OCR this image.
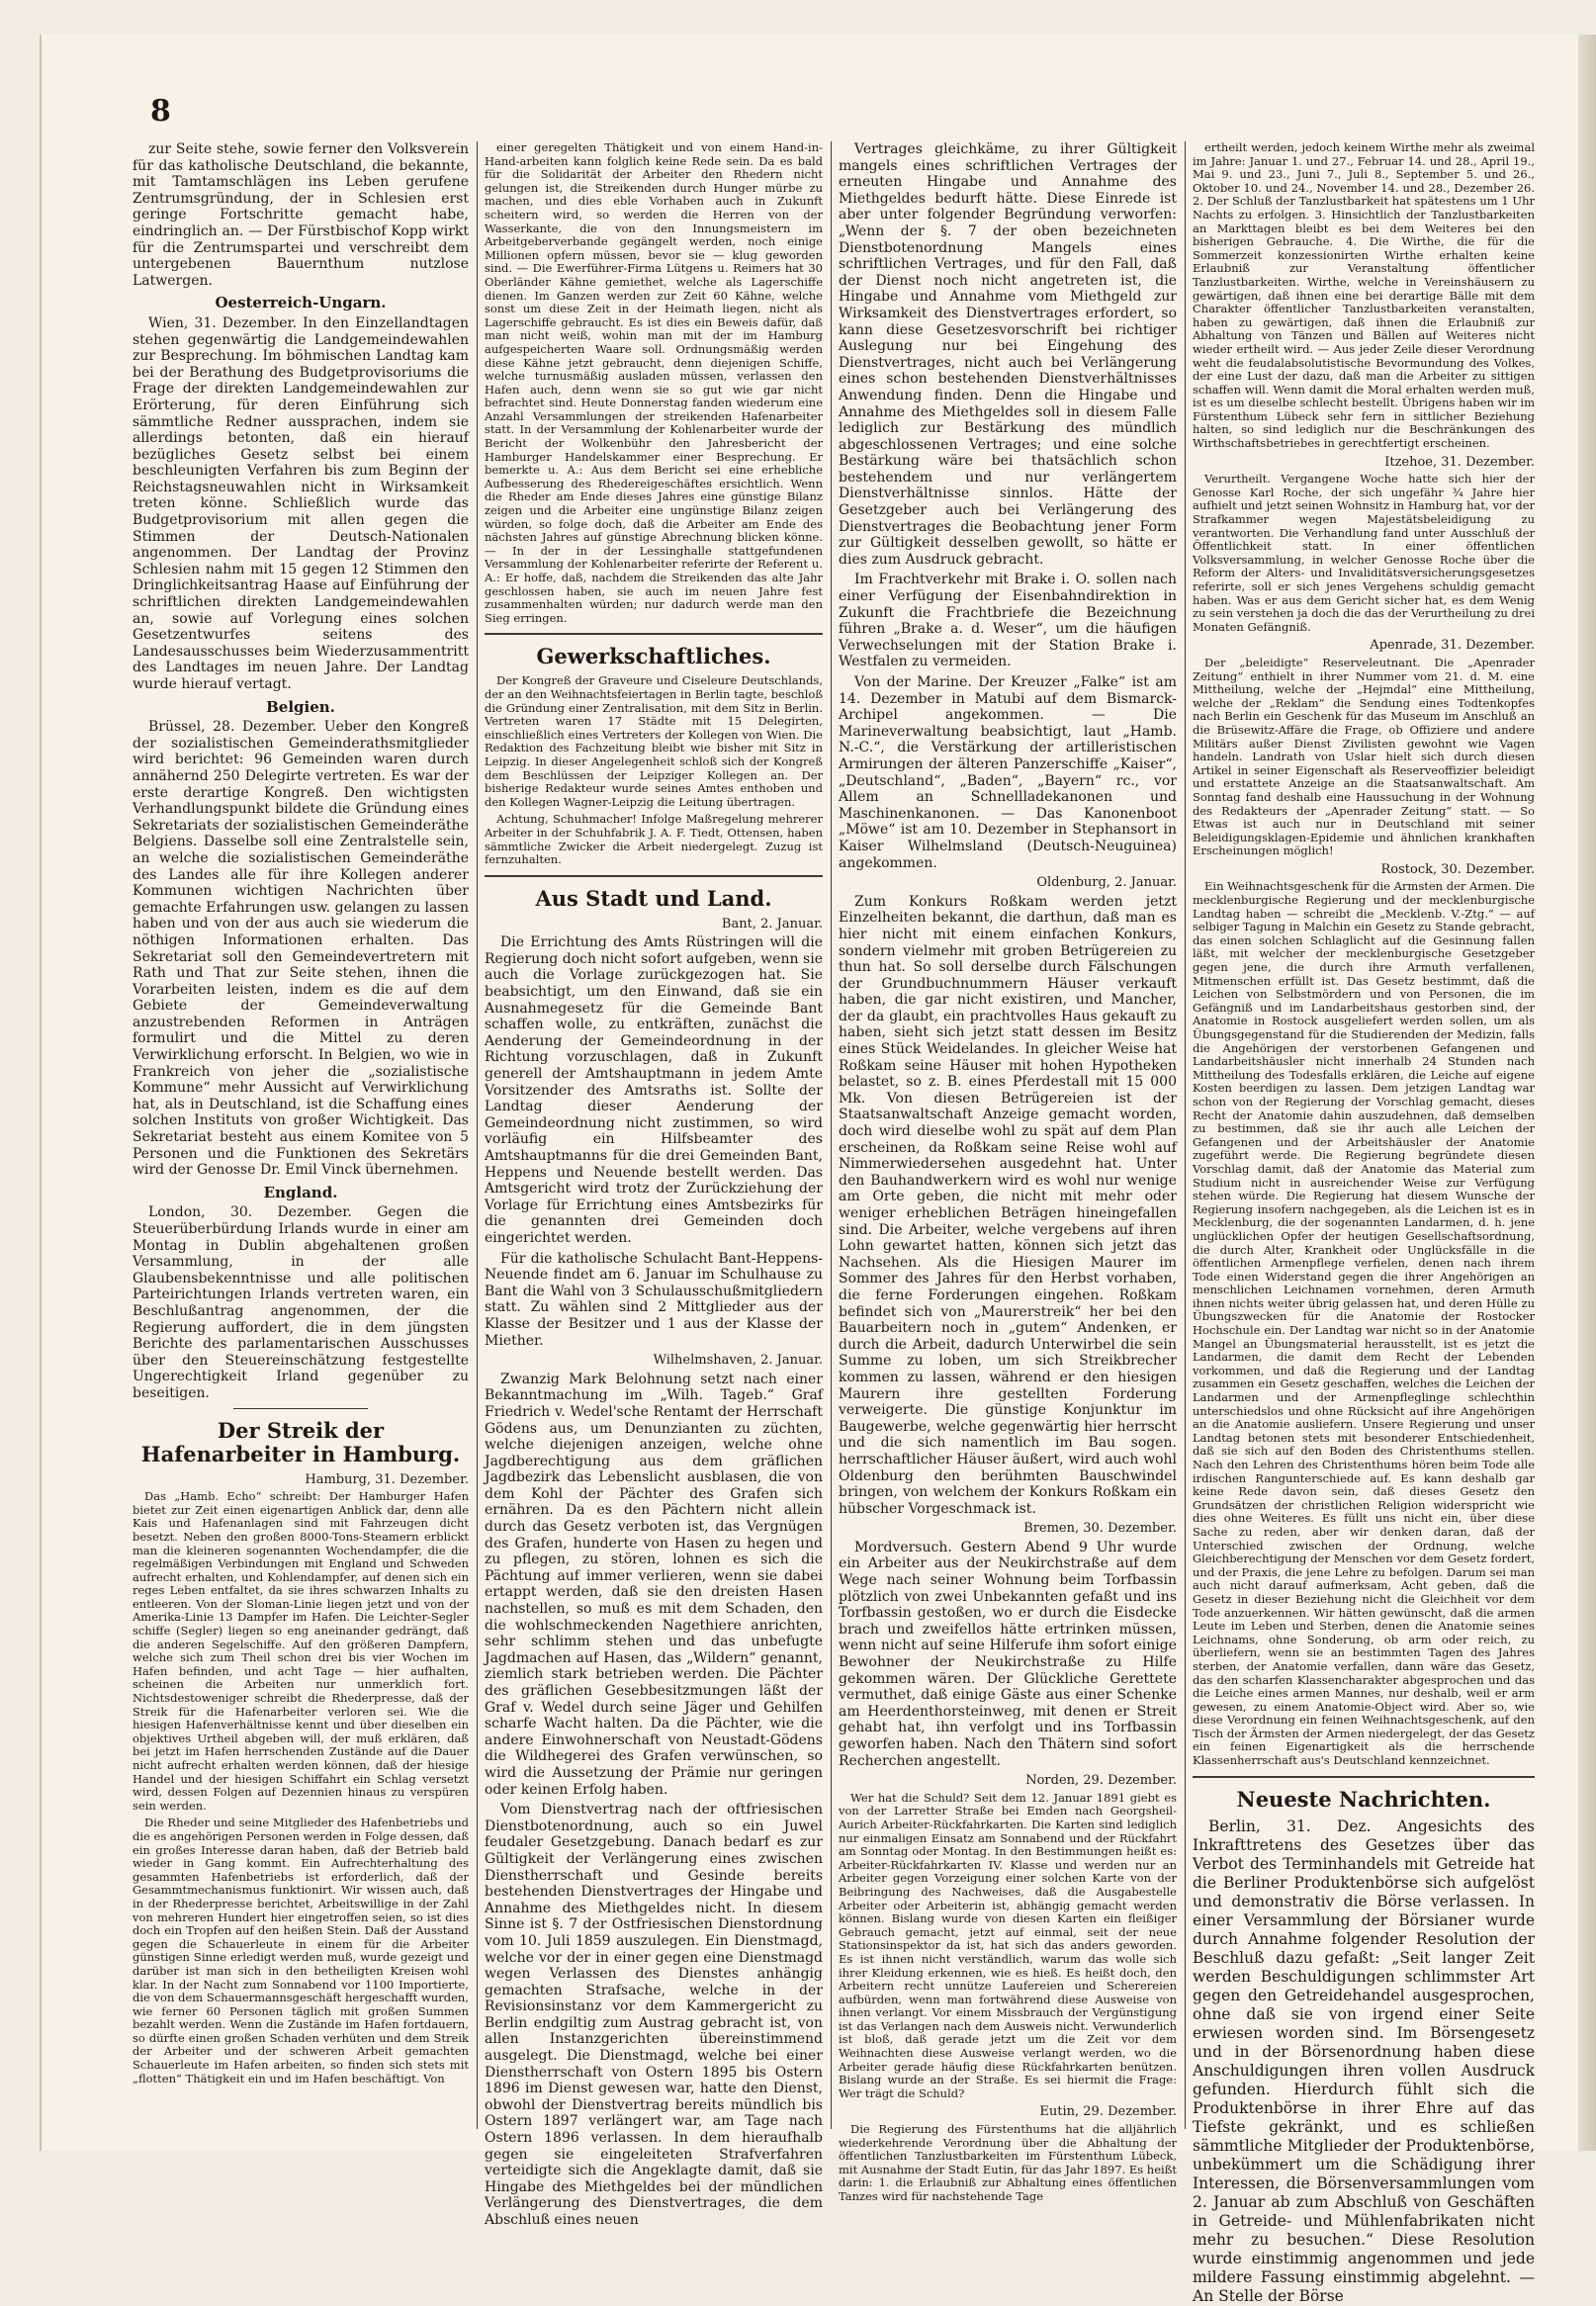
8

zur Seite stehe, sowie ferner den Volksverein für das katholische Deutschland, die bekannte, mit Tamtamschlägen ins Leben gerufene Zentrumsgründung, der in Schlesien erst geringe Fortschritte gemacht habe, eindringlich an. — Der Fürstbischof Kopp wirkt für die Zentrumspartei und verschreibt dem untergebenen Bauernthum nutzlose Latwergen.

Oesterreich-Ungarn.

Wien, 31. Dezember. In den Einzellandtagen stehen gegenwärtig die Landgemeindewahlen zur Besprechung. Im böhmischen Landtag kam bei der Berathung des Budgetprovisoriums die Frage der direkten Landgemeindewahlen zur Erörterung, für deren Einführung sich sämmtliche Redner aussprachen, indem sie allerdings betonten, daß ein hierauf bezügliches Gesetz selbst bei einem beschleunigten Verfahren bis zum Beginn der Reichstagsneuwahlen nicht in Wirksamkeit treten könne. Schließlich wurde das Budgetprovisorium mit allen gegen die Stimmen der Deutsch-Nationalen angenommen. Der Landtag der Provinz Schlesien nahm mit 15 gegen 12 Stimmen den Dringlichkeitsantrag Haase auf Einführung der schriftlichen direkten Landgemeindewahlen an, sowie auf Vorlegung eines solchen Gesetzentwurfes seitens des Landesausschusses beim Wiederzusammentritt des Landtages im neuen Jahre. Der Landtag wurde hierauf vertagt.

Belgien.

Brüssel, 28. Dezember. Ueber den Kongreß der sozialistischen Gemeinderathsmitglieder wird berichtet: 96 Gemeinden waren durch annähernd 250 Delegirte vertreten. Es war der erste derartige Kongreß. Den wichtigsten Verhandlungspunkt bildete die Gründung eines Sekretariats der sozialistischen Gemeinderäthe Belgiens. Dasselbe soll eine Zentralstelle sein, an welche die sozialistischen Gemeinderäthe des Landes alle für ihre Kollegen anderer Kommunen wichtigen Nachrichten über gemachte Erfahrungen usw. gelangen zu lassen haben und von der aus auch sie wiederum die nöthigen Informationen erhalten. Das Sekretariat soll den Gemeindevertretern mit Rath und That zur Seite stehen, ihnen die Vorarbeiten leisten, indem es die auf dem Gebiete der Gemeindeverwaltung anzustrebenden Reformen in Anträgen formulirt und die Mittel zu deren Verwirklichung erforscht. In Belgien, wo wie in Frankreich von jeher die „sozialistische Kommune“ mehr Aussicht auf Verwirklichung hat, als in Deutschland, ist die Schaffung eines solchen Instituts von großer Wichtigkeit. Das Sekretariat besteht aus einem Komitee von 5 Personen und die Funktionen des Sekretärs wird der Genosse Dr. Emil Vinck übernehmen.

England.

London, 30. Dezember. Gegen die Steuerüberbürdung Irlands wurde in einer am Montag in Dublin abgehaltenen großen Versammlung, in der alle Glaubensbekenntnisse und alle politischen Parteirichtungen Irlands vertreten waren, ein Beschlußantrag angenommen, der die Regierung auffordert, die in dem jüngsten Berichte des parlamentarischen Ausschusses über den Steuereinschätzung festgestellte Ungerechtigkeit Irland gegenüber zu beseitigen.

Der Streik der Hafenarbeiter in Hamburg.
Hamburg, 31. Dezember.

Das „Hamb. Echo“ schreibt: Der Hamburger Hafen bietet zur Zeit einen eigenartigen Anblick dar, denn alle Kais und Hafenanlagen sind mit Fahrzeugen dicht besetzt. Neben den großen 8000-Tons-Steamern erblickt man die kleineren sogenannten Wochendampfer, die die regelmäßigen Verbindungen mit England und Schweden aufrecht erhalten, und Kohlendampfer, auf denen sich ein reges Leben entfaltet, da sie ihres schwarzen Inhalts zu entleeren. Von der Sloman-Linie liegen jetzt und von der Amerika-Linie 13 Dampfer im Hafen. Die Leichter-Segler schiffe (Segler) liegen so eng aneinander gedrängt, daß die anderen Segelschiffe. Auf den größeren Dampfern, welche sich zum Theil schon drei bis vier Wochen im Hafen befinden, und acht Tage — hier aufhalten, scheinen die Arbeiten nur unmerklich fort. Nichtsdestoweniger schreibt die Rhederpresse, daß der Streik für die Hafenarbeiter verloren sei. Wie die hiesigen Hafenverhältnisse kennt und über dieselben ein objektives Urtheil abgeben will, der muß erklären, daß bei jetzt im Hafen herrschenden Zustände auf die Dauer nicht aufrecht erhalten werden können, daß der hiesige Handel und der hiesigen Schiffahrt ein Schlag versetzt wird, dessen Folgen auf Dezennien hinaus zu verspüren sein werden.

Die Rheder und seine Mitglieder des Hafenbetriebs und die es angehörigen Personen werden in Folge dessen, daß ein großes Interesse daran haben, daß der Betrieb bald wieder in Gang kommt. Ein Aufrechterhaltung des gesammten Hafenbetriebs ist erforderlich, daß der Gesammtmechanismus funktionirt. Wir wissen auch, daß in der Rhederpresse berichtet, Arbeitswillige in der Zahl von mehreren Hundert hier eingetroffen seien, so ist dies doch ein Tropfen auf den heißen Stein. Daß der Ausstand gegen die Schauerleute in einem für die Arbeiter günstigen Sinne erledigt werden muß, wurde gezeigt und darüber ist man sich in den betheiligten Kreisen wohl klar. In der Nacht zum Sonnabend vor 1100 Importierte, die von dem Schauermannsgeschäft hergeschafft wurden, wie ferner 60 Personen täglich mit großen Summen bezahlt werden. Wenn die Zustände im Hafen fortdauern, so dürfte einen großen Schaden verhüten und dem Streik der Arbeiter und der schweren Arbeit gemachten Schauerleute im Hafen arbeiten, so finden sich stets mit „flotten“ Thätigkeit ein und im Hafen beschäftigt. Von

einer geregelten Thätigkeit und von einem Hand-in-Hand-arbeiten kann folglich keine Rede sein. Da es bald für die Solidarität der Arbeiter den Rhedern nicht gelungen ist, die Streikenden durch Hunger mürbe zu machen, und dies eble Vorhaben auch in Zukunft scheitern wird, so werden die Herren von der Wasserkante, die von den Innungsmeistern im Arbeitgeberverbande gegängelt werden, noch einige Millionen opfern müssen, bevor sie — klug geworden sind. — Die Ewerführer-Firma Lütgens u. Reimers hat 30 Oberländer Kähne gemiethet, welche als Lagerschiffe dienen. Im Ganzen werden zur Zeit 60 Kähne, welche sonst um diese Zeit in der Heimath liegen, nicht als Lagerschiffe gebraucht. Es ist dies ein Beweis dafür, daß man nicht weiß, wohin man mit der im Hamburg aufgespeicherten Waare soll. Ordnungsmäßig werden diese Kähne jetzt gebraucht, denn diejenigen Schiffe, welche turnusmäßig ausladen müssen, verlassen den Hafen auch, denn wenn sie so gut wie gar nicht befrachtet sind. Heute Donnerstag fanden wiederum eine Anzahl Versammlungen der streikenden Hafenarbeiter statt. In der Versammlung der Kohlenarbeiter wurde der Bericht der Wolkenbühr den Jahresbericht der Hamburger Handelskammer einer Besprechung. Er bemerkte u. A.: Aus dem Bericht sei eine erhebliche Aufbesserung des Rhedereigeschäftes ersichtlich. Wenn die Rheder am Ende dieses Jahres eine günstige Bilanz zeigen und die Arbeiter eine ungünstige Bilanz zeigen würden, so folge doch, daß die Arbeiter am Ende des nächsten Jahres auf günstige Abrechnung blicken könne. — In der in der Lessinghalle stattgefundenen Versammlung der Kohlenarbeiter referirte der Referent u. A.: Er hoffe, daß, nachdem die Streikenden das alte Jahr geschlossen haben, sie auch im neuen Jahre fest zusammenhalten würden; nur dadurch werde man den Sieg erringen.

Gewerkschaftliches.

Der Kongreß der Graveure und Ciseleure Deutschlands, der an den Weihnachtsfeiertagen in Berlin tagte, beschloß die Gründung einer Zentralisation, mit dem Sitz in Berlin. Vertreten waren 17 Städte mit 15 Delegirten, einschließlich eines Vertreters der Kollegen von Wien. Die Redaktion des Fachzeitung bleibt wie bisher mit Sitz in Leipzig. In dieser Angelegenheit schloß sich der Kongreß dem Beschlüssen der Leipziger Kollegen an. Der bisherige Redakteur wurde seines Amtes enthoben und den Kollegen Wagner-Leipzig die Leitung übertragen.

Achtung, Schuhmacher! Infolge Maßregelung mehrerer Arbeiter in der Schuhfabrik J. A. F. Tiedt, Ottensen, haben sämmtliche Zwicker die Arbeit niedergelegt. Zuzug ist fernzuhalten.

Aus Stadt und Land.
Bant, 2. Januar.

Die Errichtung des Amts Rüstringen will die Regierung doch nicht sofort aufgeben, wenn sie auch die Vorlage zurückgezogen hat. Sie beabsichtigt, um den Einwand, daß sie ein Ausnahmegesetz für die Gemeinde Bant schaffen wolle, zu entkräften, zunächst die Aenderung der Gemeindeordnung in der Richtung vorzuschlagen, daß in Zukunft generell der Amtshauptmann in jedem Amte Vorsitzender des Amtsraths ist. Sollte der Landtag dieser Aenderung der Gemeindeordnung nicht zustimmen, so wird vorläufig ein Hilfsbeamter des Amtshauptmanns für die drei Gemeinden Bant, Heppens und Neuende bestellt werden. Das Amtsgericht wird trotz der Zurückziehung der Vorlage für Errichtung eines Amtsbezirks für die genannten drei Gemeinden doch eingerichtet werden.

Für die katholische Schulacht Bant-Heppens-Neuende findet am 6. Januar im Schulhause zu Bant die Wahl von 3 Schulausschußmitgliedern statt. Zu wählen sind 2 Mittglieder aus der Klasse der Besitzer und 1 aus der Klasse der Miether.

Wilhelmshaven, 2. Januar.

Zwanzig Mark Belohnung setzt nach einer Bekanntmachung im „Wilh. Tageb.“ Graf Friedrich v. Wedel'sche Rentamt der Herrschaft Gödens aus, um Denunzianten zu züchten, welche diejenigen anzeigen, welche ohne Jagdberechtigung aus dem gräflichen Jagdbezirk das Lebenslicht ausblasen, die von dem Kohl der Pächter des Grafen sich ernähren. Da es den Pächtern nicht allein durch das Gesetz verboten ist, das Vergnügen des Grafen, hunderte von Hasen zu hegen und zu pflegen, zu stören, lohnen es sich die Pächtung auf immer verlieren, wenn sie dabei ertappt werden, daß sie den dreisten Hasen nachstellen, so muß es mit dem Schaden, den die wohlschmeckenden Nagethiere anrichten, sehr schlimm stehen und das unbefugte Jagdmachen auf Hasen, das „Wildern“ genannt, ziemlich stark betrieben werden. Die Pächter des gräflichen Gesebbesitzmungen läßt der Graf v. Wedel durch seine Jäger und Gehilfen scharfe Wacht halten. Da die Pächter, wie die andere Einwohnerschaft von Neustadt-Gödens die Wildhegerei des Grafen verwünschen, so wird die Aussetzung der Prämie nur geringen oder keinen Erfolg haben.

Vom Dienstvertrag nach der oftfriesischen Dienstbotenordnung, auch so ein Juwel feudaler Gesetzgebung. Danach bedarf es zur Gültigkeit der Verlängerung eines zwischen Dienstherrschaft und Gesinde bereits bestehenden Dienstvertrages der Hingabe und Annahme des Miethgeldes nicht. In diesem Sinne ist §. 7 der Ostfriesischen Dienstordnung vom 10. Juli 1859 auszulegen. Ein Dienstmagd, welche vor der in einer gegen eine Dienstmagd wegen Verlassen des Dienstes anhängig gemachten Strafsache, welche in der Revisionsinstanz vor dem Kammergericht zu Berlin endgiltig zum Austrag gebracht ist, von allen Instanzgerichten übereinstimmend ausgelegt. Die Dienstmagd, welche bei einer Dienstherrschaft von Ostern 1895 bis Ostern 1896 im Dienst gewesen war, hatte den Dienst, obwohl der Dienstvertrag bereits mündlich bis Ostern 1897 verlängert war, am Tage nach Ostern 1896 verlassen. In dem hieraufhalb gegen sie eingeleiteten Strafverfahren verteidigte sich die Angeklagte damit, daß sie Hingabe des Miethgeldes bei der mündlichen Verlängerung des Dienstvertrages, die dem Abschluß eines neuen

Vertrages gleichkäme, zu ihrer Gültigkeit mangels eines schriftlichen Vertrages der erneuten Hingabe und Annahme des Miethgeldes bedurft hätte. Diese Einrede ist aber unter folgender Begründung verworfen: „Wenn der §. 7 der oben bezeichneten Dienstbotenordnung Mangels eines schriftlichen Vertrages, und für den Fall, daß der Dienst noch nicht angetreten ist, die Hingabe und Annahme vom Miethgeld zur Wirksamkeit des Dienstvertrages erfordert, so kann diese Gesetzesvorschrift bei richtiger Auslegung nur bei Eingehung des Dienstvertrages, nicht auch bei Verlängerung eines schon bestehenden Dienstverhältnisses Anwendung finden. Denn die Hingabe und Annahme des Miethgeldes soll in diesem Falle lediglich zur Bestärkung des mündlich abgeschlossenen Vertrages; und eine solche Bestärkung wäre bei thatsächlich schon bestehendem und nur verlängertem Dienstverhältnisse sinnlos. Hätte der Gesetzgeber auch bei Verlängerung des Dienstvertrages die Beobachtung jener Form zur Gültigkeit desselben gewollt, so hätte er dies zum Ausdruck gebracht.

Im Frachtverkehr mit Brake i. O. sollen nach einer Verfügung der Eisenbahndirektion in Zukunft die Frachtbriefe die Bezeichnung führen „Brake a. d. Weser“, um die häufigen Verwechselungen mit der Station Brake i. Westfalen zu vermeiden.

Von der Marine. Der Kreuzer „Falke“ ist am 14. Dezember in Matubi auf dem Bismarck-Archipel angekommen. — Die Marineverwaltung beabsichtigt, laut „Hamb. N.-C.“, die Verstärkung der artilleristischen Armirungen der älteren Panzerschiffe „Kaiser“, „Deutschland“, „Baden“, „Bayern“ rc., vor Allem an Schnellladekanonen und Maschinenkanonen. — Das Kanonenboot „Möwe“ ist am 10. Dezember in Stephansort in Kaiser Wilhelmsland (Deutsch-Neuguinea) angekommen.

Oldenburg, 2. Januar.

Zum Konkurs Roßkam werden jetzt Einzelheiten bekannt, die darthun, daß man es hier nicht mit einem einfachen Konkurs, sondern vielmehr mit groben Betrügereien zu thun hat. So soll derselbe durch Fälschungen der Grundbuchnummern Häuser verkauft haben, die gar nicht existiren, und Mancher, der da glaubt, ein prachtvolles Haus gekauft zu haben, sieht sich jetzt statt dessen im Besitz eines Stück Weidelandes. In gleicher Weise hat Roßkam seine Häuser mit hohen Hypotheken belastet, so z. B. eines Pferdestall mit 15 000 Mk. Von diesen Betrügereien ist der Staatsanwaltschaft Anzeige gemacht worden, doch wird dieselbe wohl zu spät auf dem Plan erscheinen, da Roßkam seine Reise wohl auf Nimmerwiedersehen ausgedehnt hat. Unter den Bauhandwerkern wird es wohl nur wenige am Orte geben, die nicht mit mehr oder weniger erheblichen Beträgen hineingefallen sind. Die Arbeiter, welche vergebens auf ihren Lohn gewartet hatten, können sich jetzt das Nachsehen. Als die Hiesigen Maurer im Sommer des Jahres für den Herbst vorhaben, die ferne Forderungen eingehen. Roßkam befindet sich von „Maurerstreik“ her bei den Bauarbeitern noch in „gutem“ Andenken, er durch die Arbeit, dadurch Unterwirbel die sein Summe zu loben, um sich Streikbrecher kommen zu lassen, während er den hiesigen Maurern ihre gestellten Forderung verweigerte. Die günstige Konjunktur im Baugewerbe, welche gegenwärtig hier herrscht und die sich namentlich im Bau sogen. herrschaftlicher Häuser äußert, wird auch wohl Oldenburg den berühmten Bauschwindel bringen, von welchem der Konkurs Roßkam ein hübscher Vorgeschmack ist.

Bremen, 30. Dezember.

Mordversuch. Gestern Abend 9 Uhr wurde ein Arbeiter aus der Neukirchstraße auf dem Wege nach seiner Wohnung beim Torfbassin plötzlich von zwei Unbekannten gefaßt und ins Torfbassin gestoßen, wo er durch die Eisdecke brach und zweifellos hätte ertrinken müssen, wenn nicht auf seine Hilferufe ihm sofort einige Bewohner der Neukirchstraße zu Hilfe gekommen wären. Der Glückliche Gerettete vermuthet, daß einige Gäste aus einer Schenke am Heerdenthorsteinweg, mit denen er Streit gehabt hat, ihn verfolgt und ins Torfbassin geworfen haben. Nach den Thätern sind sofort Recherchen angestellt.

Norden, 29. Dezember.

Wer hat die Schuld? Seit dem 12. Januar 1891 giebt es von der Larretter Straße bei Emden nach Georgsheil-Aurich Arbeiter-Rückfahrkarten. Die Karten sind lediglich nur einmaligen Einsatz am Sonnabend und der Rückfahrt am Sonntag oder Montag. In den Bestimmungen heißt es: Arbeiter-Rückfahrkarten IV. Klasse und werden nur an Arbeiter gegen Vorzeigung einer solchen Karte von der Beibringung des Nachweises, daß die Ausgabestelle Arbeiter oder Arbeiterin ist, abhängig gemacht werden können. Bislang wurde von diesen Karten ein fleißiger Gebrauch gemacht, jetzt auf einmal, seit der neue Stationsinspektor da ist, hat sich das anders geworden. Es ist ihnen nicht verständlich, warum das wolle sich ihrer Kleidung erkennen, wie es hieß. Es heißt doch, den Arbeitern recht unnütze Laufereien und Scherereien aufbürden, wenn man fortwährend diese Ausweise von ihnen verlangt. Vor einem Missbrauch der Vergünstigung ist das Verlangen nach dem Ausweis nicht. Verwunderlich ist bloß, daß gerade jetzt um die Zeit vor dem Weihnachten diese Ausweise verlangt werden, wo die Arbeiter gerade häufig diese Rückfahrkarten benützen. Bislang wurde an der Straße. Es sei hiermit die Frage: Wer trägt die Schuld?

Eutin, 29. Dezember.

Die Regierung des Fürstenthums hat die alljährlich wiederkehrende Verordnung über die Abhaltung der öffentlichen Tanzlustbarkeiten im Fürstenthum Lübeck, mit Ausnahme der Stadt Eutin, für das Jahr 1897. Es heißt darin: 1. die Erlaubniß zur Abhaltung eines öffentlichen Tanzes wird für nachstehende Tage

ertheilt werden, jedoch keinem Wirthe mehr als zweimal im Jahre: Januar 1. und 27., Februar 14. und 28., April 19., Mai 9. und 23., Juni 7., Juli 8., September 5. und 26., Oktober 10. und 24., November 14. und 28., Dezember 26. 2. Der Schluß der Tanzlustbarkeit hat spätestens um 1 Uhr Nachts zu erfolgen. 3. Hinsichtlich der Tanzlustbarkeiten an Markttagen bleibt es bei dem Weiteres bei den bisherigen Gebrauche. 4. Die Wirthe, die für die Sommerzeit konzessionirten Wirthe erhalten keine Erlaubniß zur Veranstaltung öffentlicher Tanzlustbarkeiten. Wirthe, welche in Vereinshäusern zu gewärtigen, daß ihnen eine bei derartige Bälle mit dem Charakter öffentlicher Tanzlustbarkeiten veranstalten, haben zu gewärtigen, daß ihnen die Erlaubniß zur Abhaltung von Tänzen und Bällen auf Weiteres nicht wieder ertheilt wird. — Aus jeder Zeile dieser Verordnung weht die feudalabsolutistische Bevormundung des Volkes, der eine Lust der dazu, daß man die Arbeiter zu sittigen schaffen will. Wenn damit die Moral erhalten werden muß, ist es um dieselbe schlecht bestellt. Übrigens haben wir im Fürstenthum Lübeck sehr fern in sittlicher Beziehung halten, so sind lediglich nur die Beschränkungen des Wirthschaftsbetriebes in gerechtfertigt erscheinen.

Itzehoe, 31. Dezember.

Verurtheilt. Vergangene Woche hatte sich hier der Genosse Karl Roche, der sich ungefähr ¾ Jahre hier aufhielt und jetzt seinen Wohnsitz in Hamburg hat, vor der Strafkammer wegen Majestätsbeleidigung zu verantworten. Die Verhandlung fand unter Ausschluß der Öffentlichkeit statt. In einer öffentlichen Volksversammlung, in welcher Genosse Roche über die Reform der Alters- und Invaliditätsversicherungsgesetzes referirte, soll er sich jenes Vergehens schuldig gemacht haben. Was er aus dem Gericht sicher hat, es dem Wenig zu sein verstehen ja doch die das der Verurtheilung zu drei Monaten Gefängniß.

Apenrade, 31. Dezember.

Der „beleidigte“ Reserveleutnant. Die „Apenrader Zeitung“ enthielt in ihrer Nummer vom 21. d. M. eine Mittheilung, welche der „Hejmdal“ eine Mittheilung, welche der „Reklam“ die Sendung eines Todtenkopfes nach Berlin ein Geschenk für das Museum im Anschluß an die Brüsewitz-Affäre die Frage, ob Offiziere und andere Militärs außer Dienst Zivilisten gewohnt wie Vagen handeln. Landrath von Uslar hielt sich durch diesen Artikel in seiner Eigenschaft als Reserveoffizier beleidigt und erstattete Anzeige an die Staatsanwaltschaft. Am Sonntag fand deshalb eine Haussuchung in der Wohnung des Redakteurs der „Apenrader Zeitung“ statt. — So Etwas ist auch nur in Deutschland mit seiner Beleidigungsklagen-Epidemie und ähnlichen krankhaften Erscheinungen möglich!

Rostock, 30. Dezember.

Ein Weihnachtsgeschenk für die Armsten der Armen. Die mecklenburgische Regierung und der mecklenburgische Landtag haben — schreibt die „Mecklenb. V.-Ztg.“ — auf selbiger Tagung in Malchin ein Gesetz zu Stande gebracht, das einen solchen Schlaglicht auf die Gesinnung fallen läßt, mit welcher der mecklenburgische Gesetzgeber gegen jene, die durch ihre Armuth verfallenen, Mitmenschen erfüllt ist. Das Gesetz bestimmt, daß die Leichen von Selbstmördern und von Personen, die im Gefängniß und im Landarbeitshaus gestorben sind, der Anatomie in Rostock ausgeliefert werden sollen, um als Übungsgegenstand für die Studierenden der Medizin, falls die Angehörigen der verstorbenen Gefangenen und Landarbeitshäusler nicht innerhalb 24 Stunden nach Mittheilung des Todesfalls erklären, die Leiche auf eigene Kosten beerdigen zu lassen. Dem jetzigen Landtag war schon von der Regierung der Vorschlag gemacht, dieses Recht der Anatomie dahin auszudehnen, daß demselben zu bestimmen, daß sie ihr auch alle Leichen der Gefangenen und der Arbeitshäusler der Anatomie zugeführt werde. Die Regierung begründete diesen Vorschlag damit, daß der Anatomie das Material zum Studium nicht in ausreichender Weise zur Verfügung stehen würde. Die Regierung hat diesem Wunsche der Regierung insofern nachgegeben, als die Leichen ist es in Mecklenburg, die der sogenannten Landarmen, d. h. jene unglücklichen Opfer der heutigen Gesellschaftsordnung, die durch Alter, Krankheit oder Unglücksfälle in die öffentlichen Armenpflege verfielen, denen nach ihrem Tode einen Widerstand gegen die ihrer Angehörigen an menschlichen Leichnamen vornehmen, deren Armuth ihnen nichts weiter übrig gelassen hat, und deren Hülle zu Übungszwecken für die Anatomie der Rostocker Hochschule ein. Der Landtag war nicht so in der Anatomie Mangel an Übungsmaterial herausstellt, ist es jetzt die Landarmen, die damit dem Recht der Lebenden vorkommen, und daß die Regierung und der Landtag zusammen ein Gesetz geschaffen, welches die Leichen der Landarmen und der Armenpfleglinge schlechthin unterschiedslos und ohne Rücksicht auf ihre Angehörigen an die Anatomie ausliefern. Unsere Regierung und unser Landtag betonen stets mit besonderer Entschiedenheit, daß sie sich auf den Boden des Christenthums stellen. Nach den Lehren des Christenthums hören beim Tode alle irdischen Rangunterschiede auf. Es kann deshalb gar keine Rede davon sein, daß dieses Gesetz den Grundsätzen der christlichen Religion widerspricht wie dies ohne Weiteres. Es füllt uns nicht ein, über diese Sache zu reden, aber wir denken daran, daß der Unterschied zwischen der Ordnung, welche Gleichberechtigung der Menschen vor dem Gesetz fordert, und der Praxis, die jene Lehre zu befolgen. Darum sei man auch nicht darauf aufmerksam, Acht geben, daß die Gesetz in dieser Beziehung nicht die Gleichheit vor dem Tode anzuerkennen. Wir hätten gewünscht, daß die armen Leute im Leben und Sterben, denen die Anatomie seines Leichnams, ohne Sonderung, ob arm oder reich, zu überliefern, wenn sie an bestimmten Tagen des Jahres sterben, der Anatomie verfallen, dann wäre das Gesetz, das den scharfen Klassencharakter abgesprochen und das die Leiche eines armen Mannes, nur deshalb, weil er arm gewesen, zu einem Anatomie-Object wird. Aber so, wie diese Verordnung ein feinen Weihnachtsgeschenk, auf den Tisch der Ärmsten der Armen niedergelegt, der das Gesetz ein feinen Eigenartigkeit als die herrschende Klassenherrschaft aus's Deutschland kennzeichnet.

Neueste Nachrichten.

Berlin, 31. Dez. Angesichts des Inkrafttretens des Gesetzes über das Verbot des Terminhandels mit Getreide hat die Berliner Produktenbörse sich aufgelöst und demonstrativ die Börse verlassen. In einer Versammlung der Börsianer wurde durch Annahme folgender Resolution der Beschluß dazu gefaßt: „Seit langer Zeit werden Beschuldigungen schlimmster Art gegen den Getreidehandel ausgesprochen, ohne daß sie von irgend einer Seite erwiesen worden sind. Im Börsengesetz und in der Börsenordnung haben diese Anschuldigungen ihren vollen Ausdruck gefunden. Hierdurch fühlt sich die Produktenbörse in ihrer Ehre auf das Tiefste gekränkt, und es schließen sämmtliche Mitglieder der Produktenbörse, unbekümmert um die Schädigung ihrer Interessen, die Börsenversammlungen vom 2. Januar ab zum Abschluß von Geschäften in Getreide- und Mühlenfabrikaten nicht mehr zu besuchen.“ Diese Resolution wurde einstimmig angenommen und jede mildere Fassung einstimmig abgelehnt. — An Stelle der Börse
